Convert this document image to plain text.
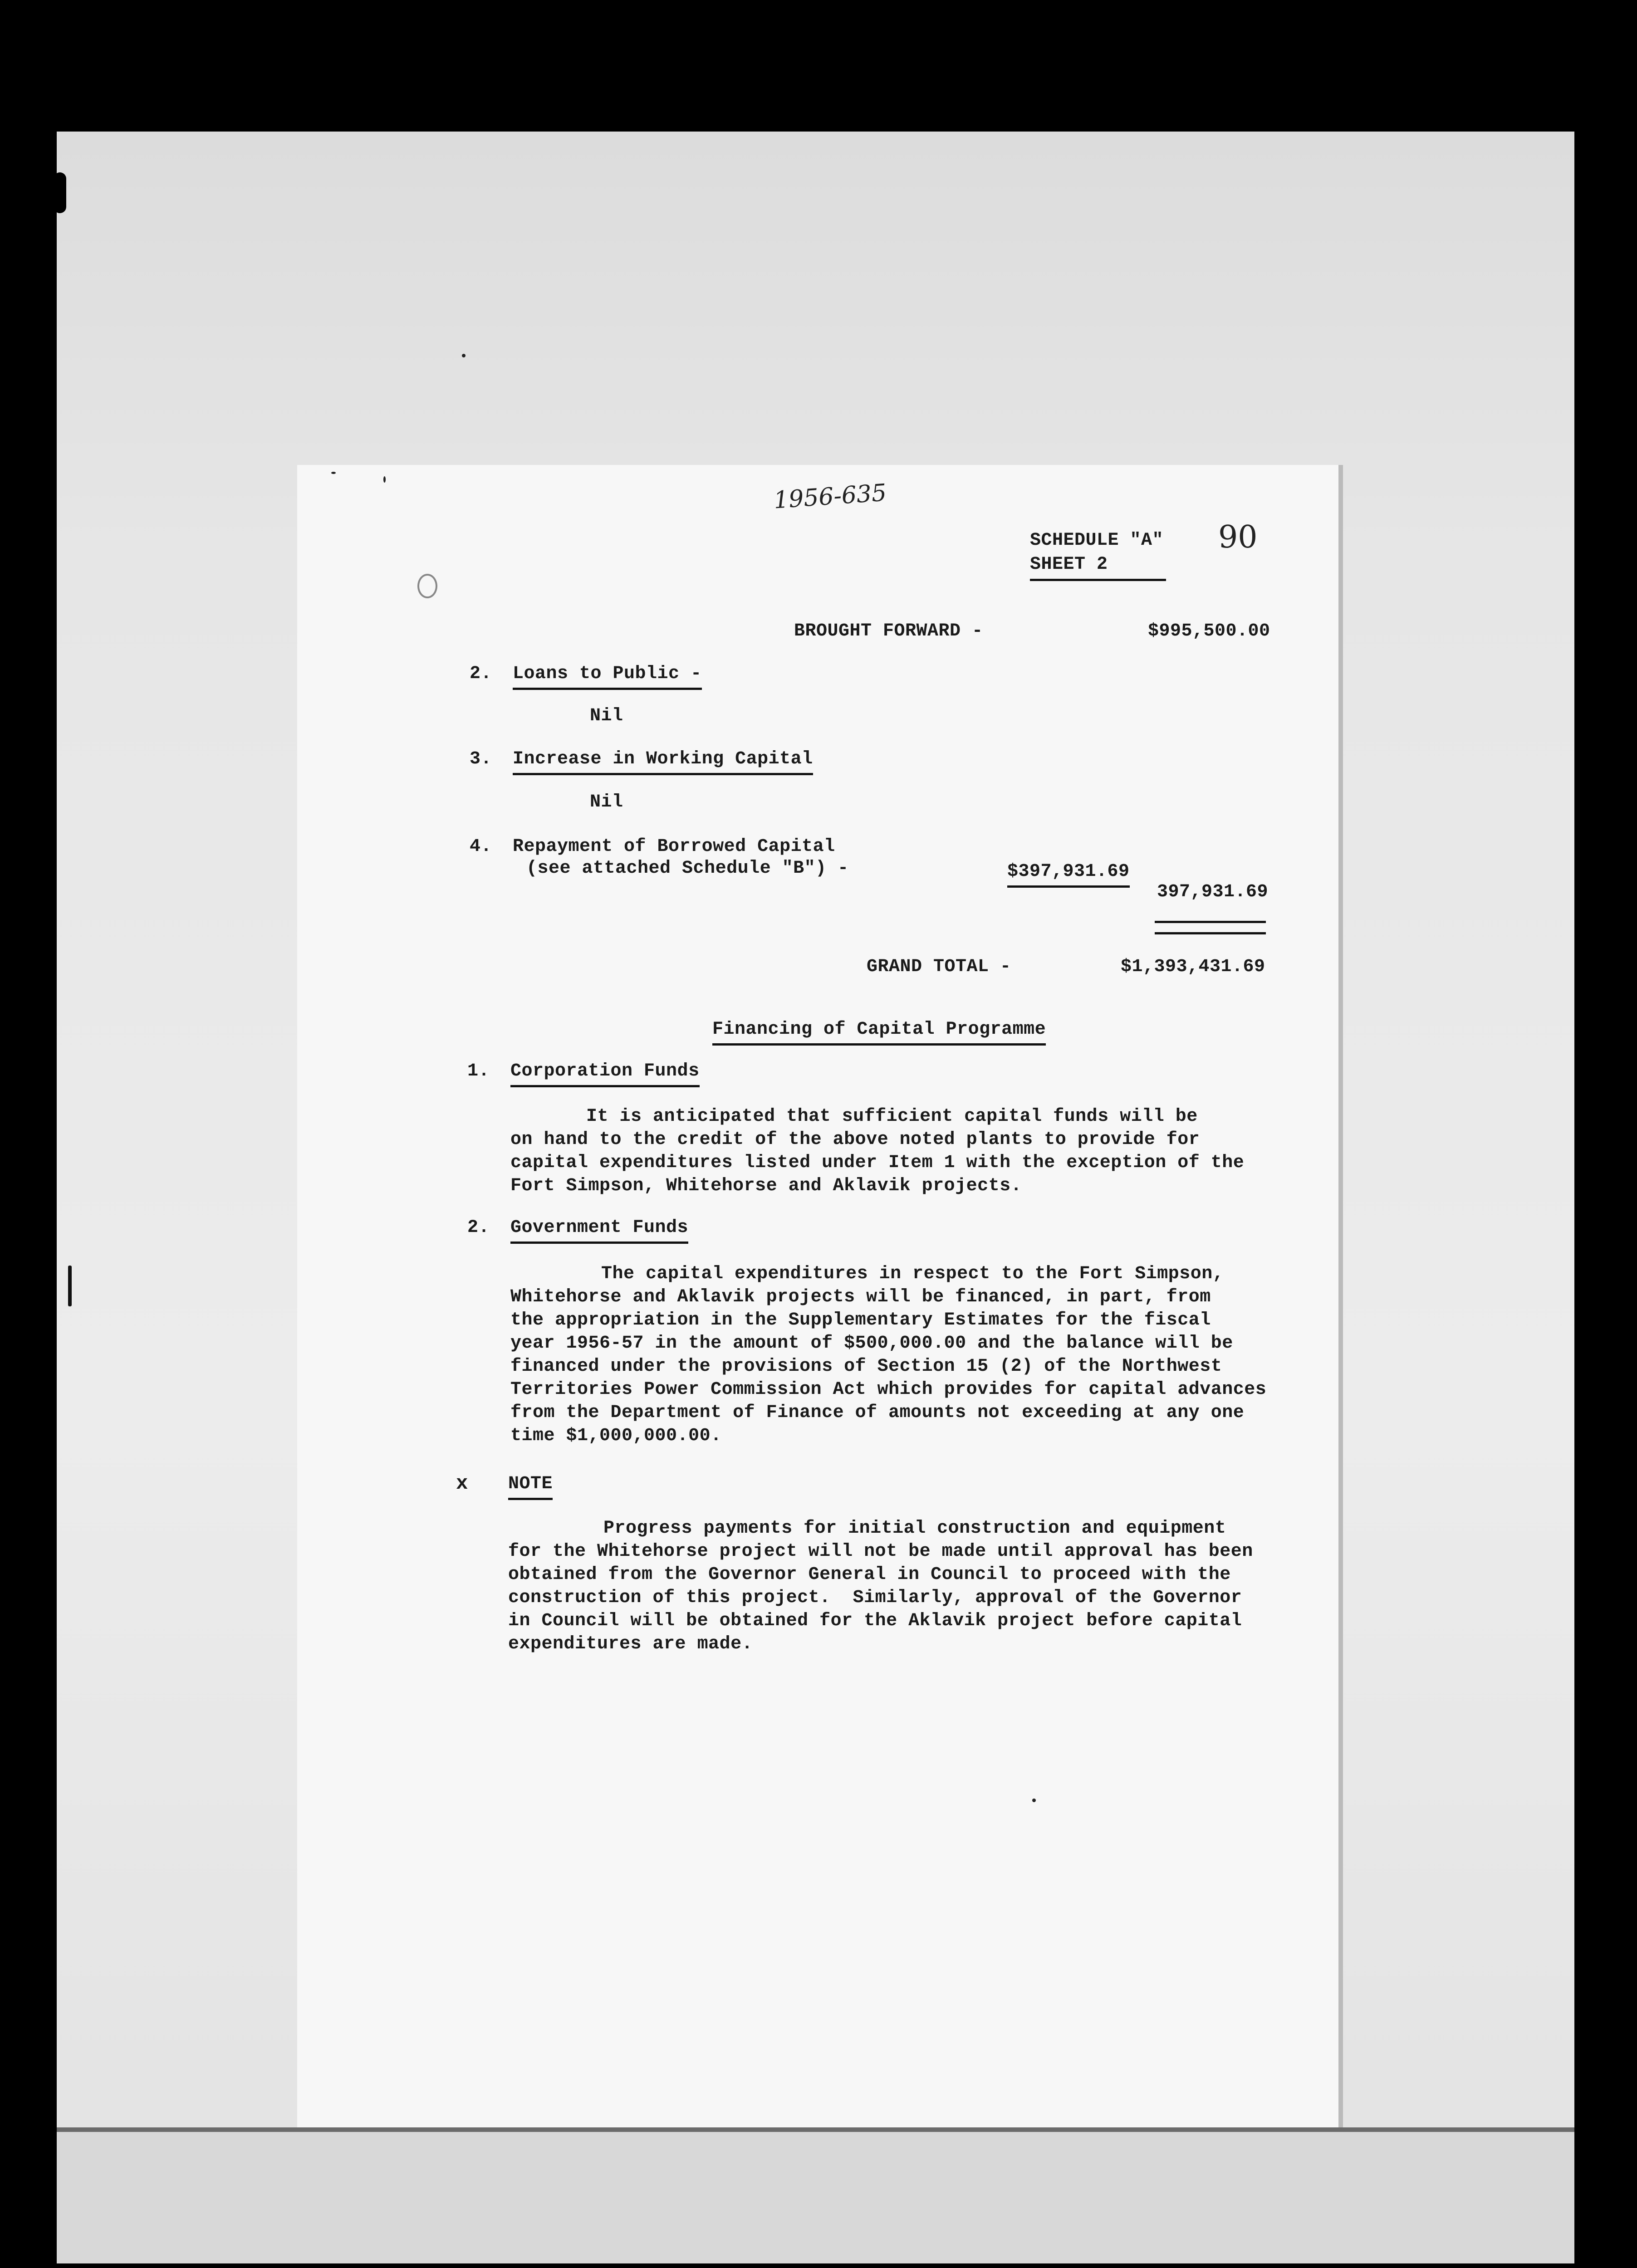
1956-635
SCHEDULE "A"
SHEET 2
90
BROUGHT FORWARD -	$995,500.00
2. Loans to Public -
Nil
3. Increase in Working Capital
Nil
4. Repayment of Borrowed Capital
(see attached Schedule "B") -	$397,931.69
397,931.69
GRAND TOTAL -	$1,393,431.69
Financing of Capital Programme
1. Corporation Funds
It is anticipated that sufficient capital funds will be
on hand to the credit of the above noted plants to provide for
capital expenditures listed under Item 1 with the exception of the
Fort Simpson, Whitehorse and Aklavik projects.
2. Government Funds
The capital expenditures in respect to the Fort Simpson,
Whitehorse and Aklavik projects will be financed, in part, from
the appropriation in the Supplementary Estimates for the fiscal
year 1956-57 in the amount of $500,000.00 and the balance will be
financed under the provisions of Section 15 (2) of the Northwest
Territories Power Commission Act which provides for capital advances
from the Department of Finance of amounts not exceeding at any one
time $1,000,000.00.
x NOTE
Progress payments for initial construction and equipment
for the Whitehorse project will not be made until approval has been
obtained from the Governor General in Council to proceed with the
construction of this project.  Similarly, approval of the Governor
in Council will be obtained for the Aklavik project before capital
expenditures are made.
